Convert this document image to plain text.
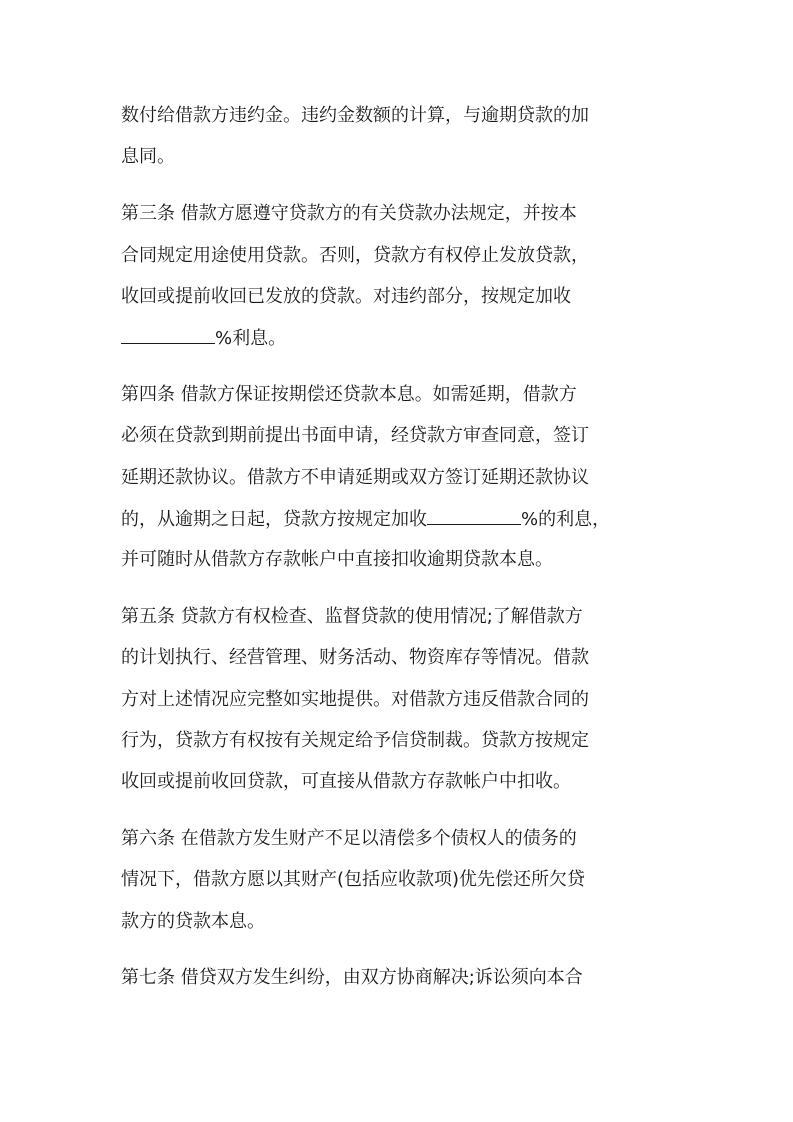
数付给借款方违约金。违约金数额的计算，与逾期贷款的加
息同。
第三条 借款方愿遵守贷款方的有关贷款办法规定，并按本
合同规定用途使用贷款。否则，贷款方有权停止发放贷款，
收回或提前收回已发放的贷款。对违约部分，按规定加收
%利息。
第四条 借款方保证按期偿还贷款本息。如需延期，借款方
必须在贷款到期前提出书面申请，经贷款方审查同意，签订
延期还款协议。借款方不申请延期或双方签订延期还款协议
的，从逾期之日起，贷款方按规定加收	%的利息，
并可随时从借款方存款帐户中直接扣收逾期贷款本息。
第五条 贷款方有权检查、监督贷款的使用情况;了解借款方
的计划执行、经营管理、财务活动、物资库存等情况。借款
方对上述情况应完整如实地提供。对借款方违反借款合同的
行为，贷款方有权按有关规定给予信贷制裁。贷款方按规定
收回或提前收回贷款，可直接从借款方存款帐户中扣收。
第六条 在借款方发生财产不足以清偿多个债权人的债务的
情况下，借款方愿以其财产(包括应收款项)优先偿还所欠贷
款方的贷款本息。
第七条 借贷双方发生纠纷，由双方协商解决;诉讼须向本合
